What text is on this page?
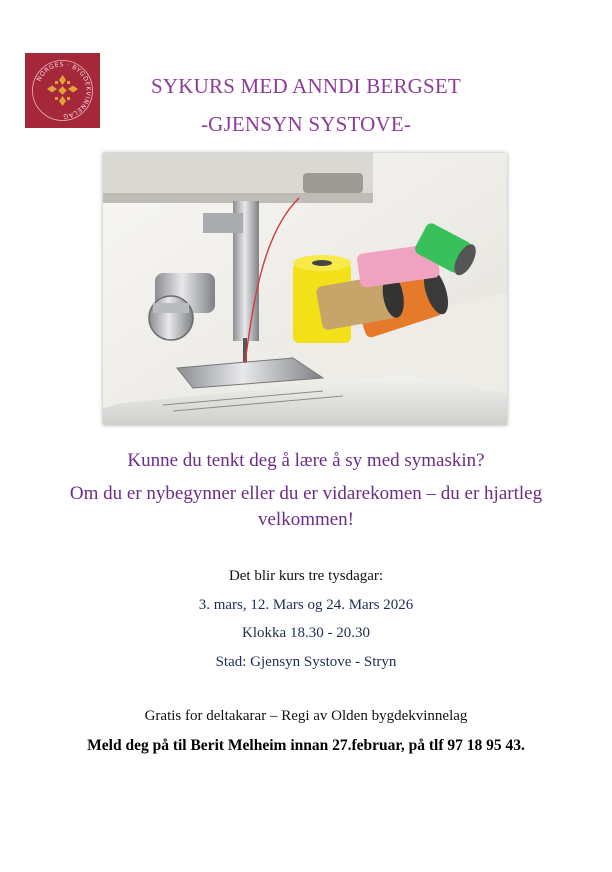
NORGES · BYGDEKVINNELAG
SYKURS MED ANNDI BERGSET
-GJENSYN SYSTOVE-

Kunne du tenkt deg å lære å sy med symaskin?

Om du er nybegynner eller du er vidarekomen – du er hjartleg velkommen!

Det blir kurs tre tysdagar:

3. mars, 12. Mars og 24. Mars 2026

Klokka 18.30 - 20.30

Stad: Gjensyn Systove - Stryn

Gratis for deltakarar – Regi av Olden bygdekvinnelag

Meld deg på til Berit Melheim innan 27.februar, på tlf 97 18 95 43.
